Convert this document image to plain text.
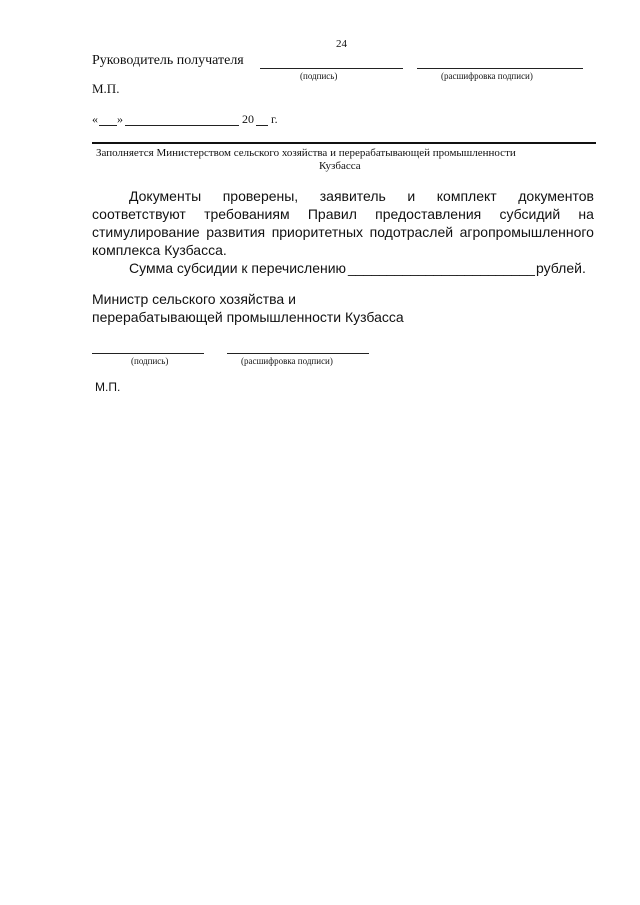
24
Руководитель получателя
(подпись)	(расшифровка подписи)
М.П.
« »	20 г.
Заполняется Министерством сельского хозяйства и перерабатывающей промышленности
Кузбасса
Документы проверены, заявитель и комплект документов
соответствуют требованиям Правил предоставления субсидий на
стимулирование развития приоритетных подотраслей агропромышленного
комплекса Кузбасса.
Сумма субсидии к перечислению ________________________ рублей.
Министр сельского хозяйства и
перерабатывающей промышленности Кузбасса
(подпись)	(расшифровка подписи)
М.П.
